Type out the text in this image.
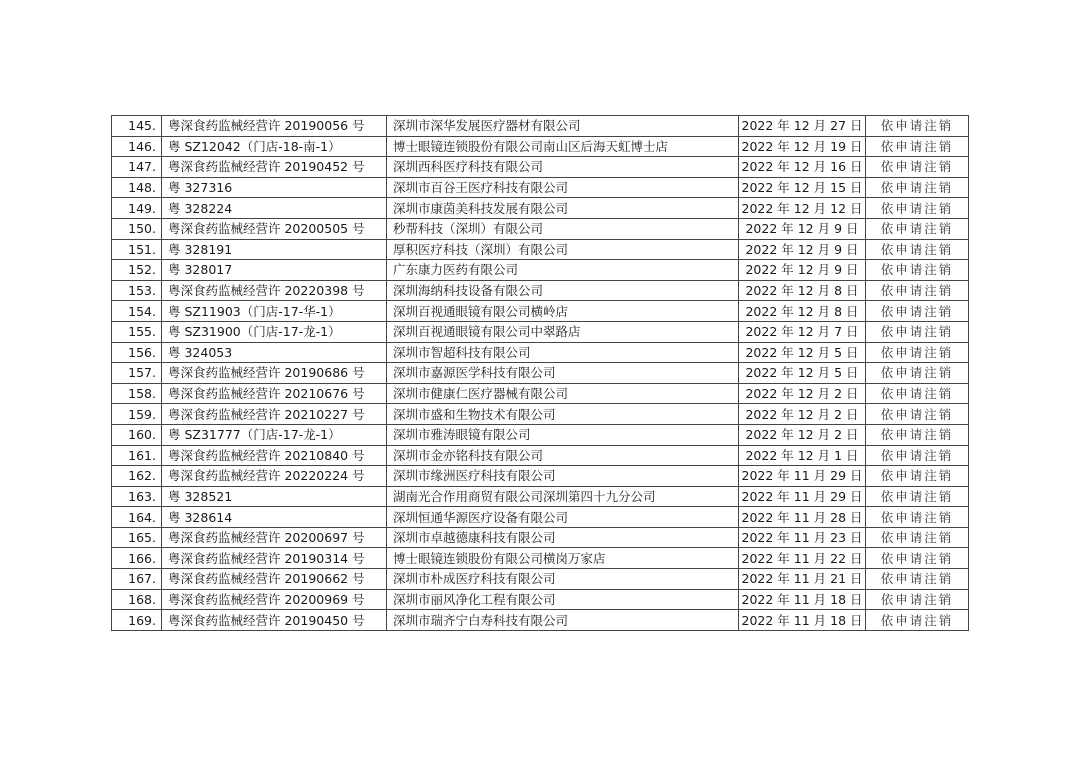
145.	粤深食药监械经营许 20190056 号	深圳市深华发展医疗器材有限公司	2022 年 12 月 27 日	依申请注销
146.	粤 SZ12042（门店-18-南-1）	博士眼镜连锁股份有限公司南山区后海天虹博士店	2022 年 12 月 19 日	依申请注销
147.	粤深食药监械经营许 20190452 号	深圳西科医疗科技有限公司	2022 年 12 月 16 日	依申请注销
148.	粤 327316	深圳市百谷王医疗科技有限公司	2022 年 12 月 15 日	依申请注销
149.	粤 328224	深圳市康茵美科技发展有限公司	2022 年 12 月 12 日	依申请注销
150.	粤深食药监械经营许 20200505 号	秒帮科技（深圳）有限公司	2022 年 12 月 9 日	依申请注销
151.	粤 328191	厚积医疗科技（深圳）有限公司	2022 年 12 月 9 日	依申请注销
152.	粤 328017	广东康力医药有限公司	2022 年 12 月 9 日	依申请注销
153.	粤深食药监械经营许 20220398 号	深圳海纳科技设备有限公司	2022 年 12 月 8 日	依申请注销
154.	粤 SZ11903（门店-17-华-1）	深圳百视通眼镜有限公司横岭店	2022 年 12 月 8 日	依申请注销
155.	粤 SZ31900（门店-17-龙-1）	深圳百视通眼镜有限公司中翠路店	2022 年 12 月 7 日	依申请注销
156.	粤 324053	深圳市智超科技有限公司	2022 年 12 月 5 日	依申请注销
157.	粤深食药监械经营许 20190686 号	深圳市嘉源医学科技有限公司	2022 年 12 月 5 日	依申请注销
158.	粤深食药监械经营许 20210676 号	深圳市健康仁医疗器械有限公司	2022 年 12 月 2 日	依申请注销
159.	粤深食药监械经营许 20210227 号	深圳市盛和生物技术有限公司	2022 年 12 月 2 日	依申请注销
160.	粤 SZ31777（门店-17-龙-1）	深圳市雅涛眼镜有限公司	2022 年 12 月 2 日	依申请注销
161.	粤深食药监械经营许 20210840 号	深圳市金亦铭科技有限公司	2022 年 12 月 1 日	依申请注销
162.	粤深食药监械经营许 20220224 号	深圳市缘洲医疗科技有限公司	2022 年 11 月 29 日	依申请注销
163.	粤 328521	湖南光合作用商贸有限公司深圳第四十九分公司	2022 年 11 月 29 日	依申请注销
164.	粤 328614	深圳恒通华源医疗设备有限公司	2022 年 11 月 28 日	依申请注销
165.	粤深食药监械经营许 20200697 号	深圳市卓越德康科技有限公司	2022 年 11 月 23 日	依申请注销
166.	粤深食药监械经营许 20190314 号	博士眼镜连锁股份有限公司横岗万家店	2022 年 11 月 22 日	依申请注销
167.	粤深食药监械经营许 20190662 号	深圳市朴成医疗科技有限公司	2022 年 11 月 21 日	依申请注销
168.	粤深食药监械经营许 20200969 号	深圳市丽风净化工程有限公司	2022 年 11 月 18 日	依申请注销
169.	粤深食药监械经营许 20190450 号	深圳市瑞齐宁白寿科技有限公司	2022 年 11 月 18 日	依申请注销
